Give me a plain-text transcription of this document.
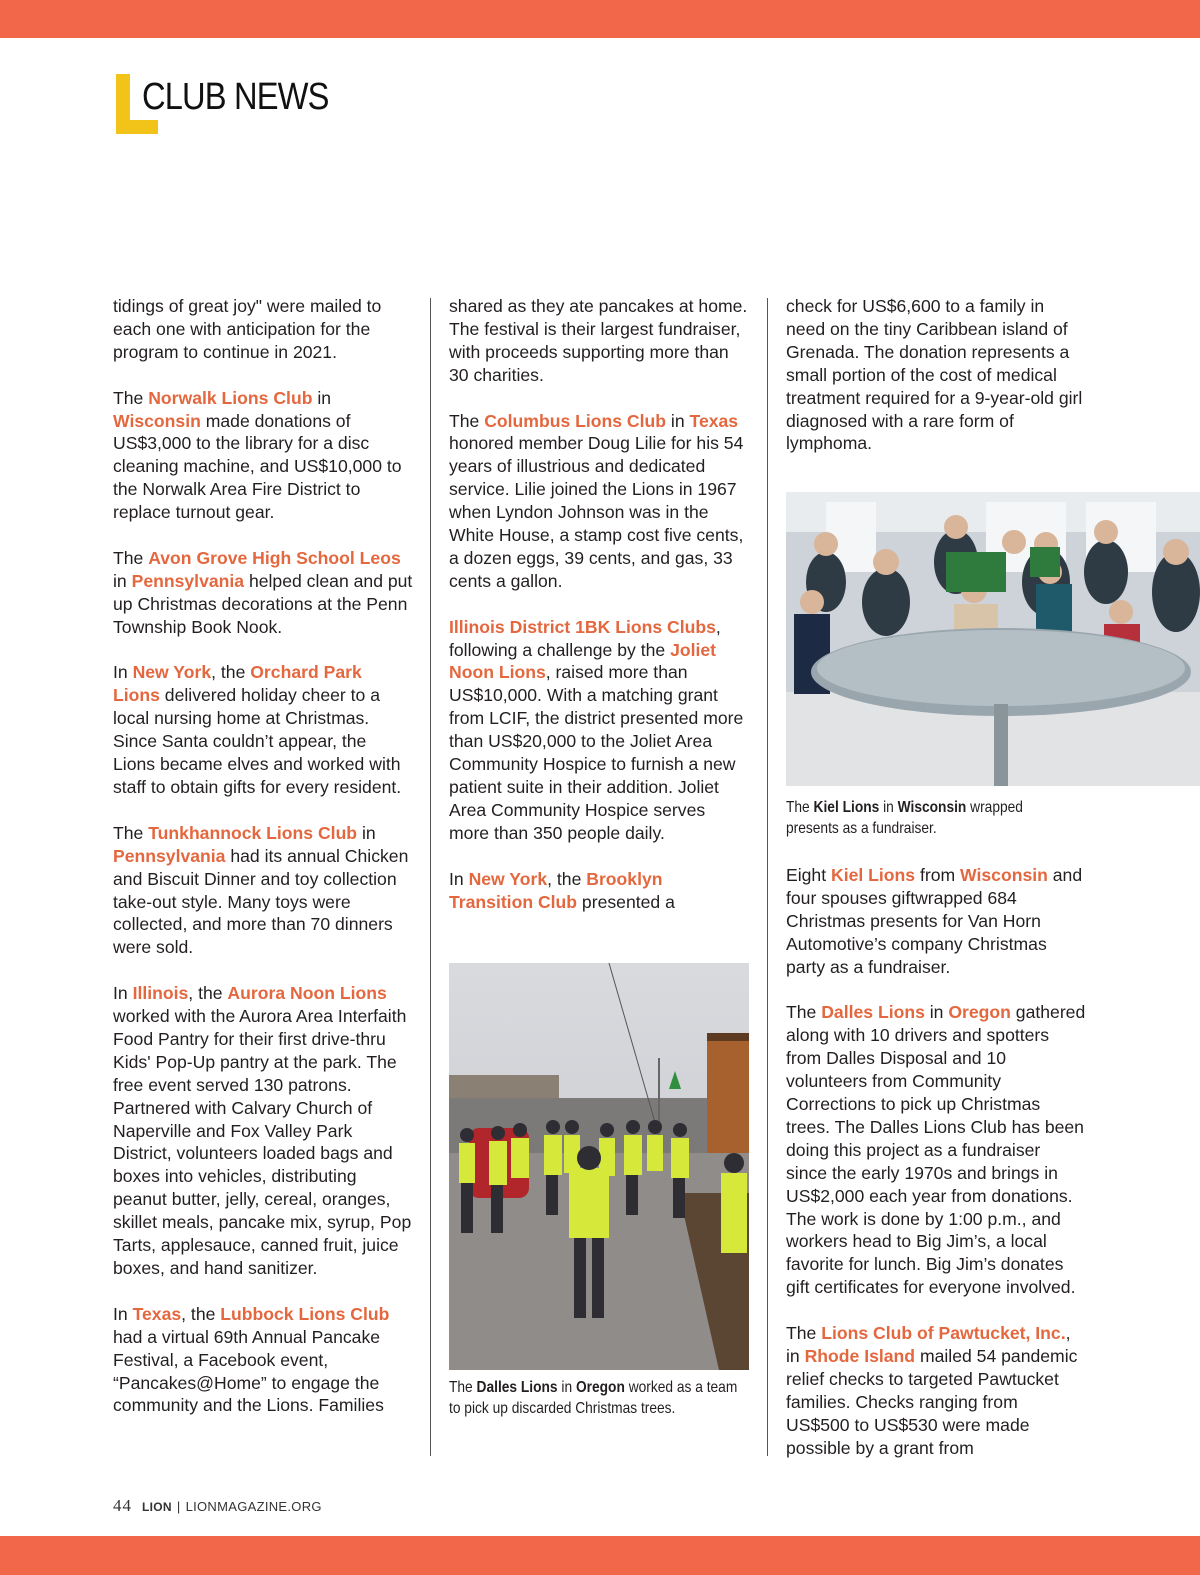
CLUB NEWS

tidings of great joy" were mailed to each one with anticipation for the program to continue in 2021.

The Norwalk Lions Club in Wisconsin made donations of US$3,000 to the library for a disc cleaning machine, and US$10,000 to the Norwalk Area Fire District to replace turnout gear.

The Avon Grove High School Leos in Pennsylvania helped clean and put up Christmas decorations at the Penn Township Book Nook.

In New York, the Orchard Park Lions delivered holiday cheer to a local nursing home at Christmas. Since Santa couldn’t appear, the Lions became elves and worked with staff to obtain gifts for every resident.

The Tunkhannock Lions Club in Pennsylvania had its annual Chicken and Biscuit Dinner and toy collection take-out style. Many toys were collected, and more than 70 dinners were sold.

In Illinois, the Aurora Noon Lions worked with the Aurora Area Interfaith Food Pantry for their first drive-thru Kids' Pop-Up pantry at the park. The free event served 130 patrons. Partnered with Calvary Church of Naperville and Fox Valley Park District, volunteers loaded bags and boxes into vehicles, distributing peanut butter, jelly, cereal, oranges, skillet meals, pancake mix, syrup, Pop Tarts, applesauce, canned fruit, juice boxes, and hand sanitizer.

In Texas, the Lubbock Lions Club had a virtual 69th Annual Pancake Festival, a Facebook event, “Pancakes@Home” to engage the community and the Lions. Families

shared as they ate pancakes at home. The festival is their largest fundraiser, with proceeds supporting more than 30 charities.

The Columbus Lions Club in Texas honored member Doug Lilie for his 54 years of illustrious and dedicated service. Lilie joined the Lions in 1967 when Lyndon Johnson was in the White House, a stamp cost five cents, a dozen eggs, 39 cents, and gas, 33 cents a gallon.

Illinois District 1BK Lions Clubs, following a challenge by the Joliet Noon Lions, raised more than US$10,000. With a matching grant from LCIF, the district presented more than US$20,000 to the Joliet Area Community Hospice to furnish a new patient suite in their addition. Joliet Area Community Hospice serves more than 350 people daily.

In New York, the Brooklyn Transition Club presented a

The Dalles Lions in Oregon worked as a team to pick up discarded Christmas trees.

check for US$6,600 to a family in need on the tiny Caribbean island of Grenada. The donation represents a small portion of the cost of medical treatment required for a 9-year-old girl diagnosed with a rare form of lymphoma.

The Kiel Lions in Wisconsin wrapped presents as a fundraiser.

Eight Kiel Lions from Wisconsin and four spouses giftwrapped 684 Christmas presents for Van Horn Automotive’s company Christmas party as a fundraiser.

The Dalles Lions in Oregon gathered along with 10 drivers and spotters from Dalles Disposal and 10 volunteers from Community Corrections to pick up Christmas trees. The Dalles Lions Club has been doing this project as a fundraiser since the early 1970s and brings in US$2,000 each year from donations. The work is done by 1:00 p.m., and workers head to Big Jim’s, a local favorite for lunch. Big Jim’s donates gift certificates for everyone involved.

The Lions Club of Pawtucket, Inc., in Rhode Island mailed 54 pandemic relief checks to targeted Pawtucket families. Checks ranging from US$500 to US$530 were made possible by a grant from

44 LION | LIONMAGAZINE.ORG
